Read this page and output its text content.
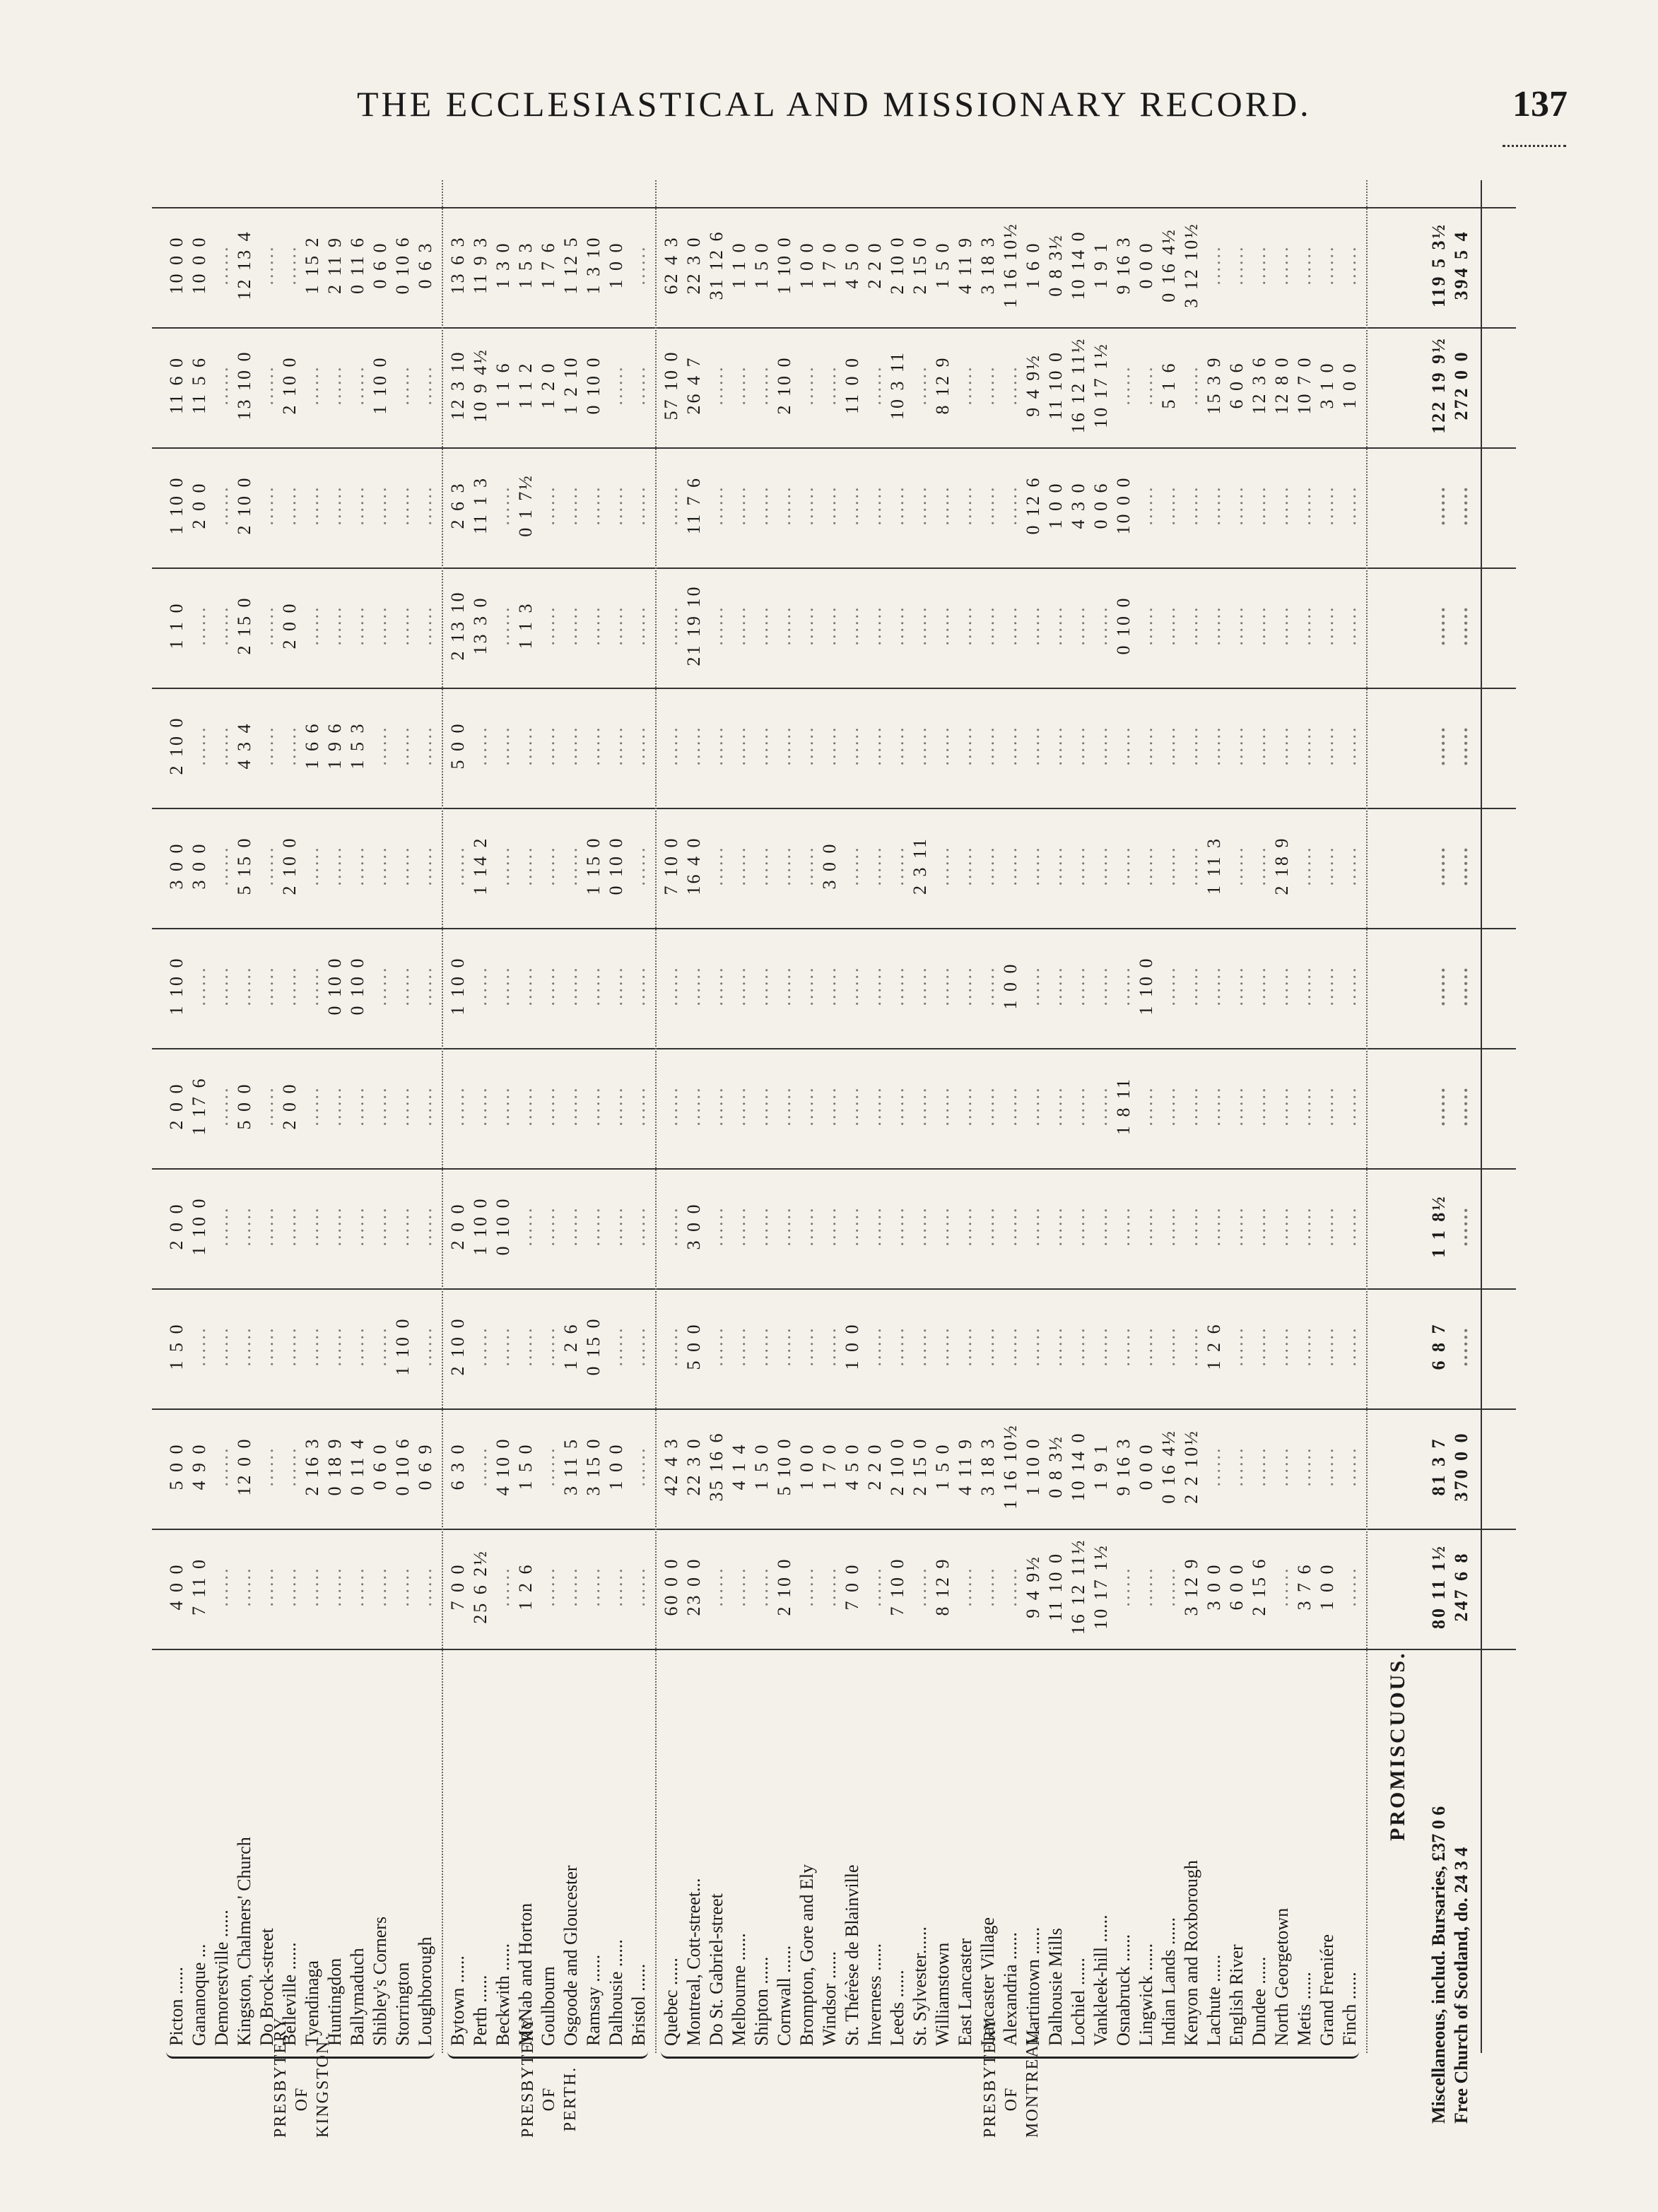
THE ECCLESIASTICAL AND MISSIONARY RECORD.	137
Picton ......
4 0 0
5 0 0
1 5 0
2 0 0
2 0 0
1 10 0
3 0 0
2 10 0
1 1 0
1 10 0
11 6 0
10 0 0
Gananoque ...
7 11 0
4 9 0
......
1 10 0
1 17 6
......
3 0 0
......
......
2 0 0
11 5 6
10 0 0
Demorestville ......
......
......
......
......
......
......
......
......
......
......
......
......
Kingston, Chalmers' Church
......
12 0 0
......
......
5 0 0
......
5 15 0
4 3 4
2 15 0
2 10 0
13 10 0
12 13 4
Do Brock-street
......
......
......
......
......
......
......
......
......
......
......
......
Belleville ......
......
......
......
......
2 0 0
......
2 10 0
......
2 0 0
......
2 10 0
......
Tyendinaga
......
2 16 3
......
......
......
......
......
1 6 6
......
......
......
1 15 2
Huntingdon
......
0 18 9
......
......
......
0 10 0
......
1 9 6
......
......
......
2 11 9
Ballymaduch
......
0 11 4
......
......
......
0 10 0
......
1 5 3
......
......
......
0 11 6
Shibley's Corners
......
0 6 0
......
......
......
......
......
......
......
......
1 10 0
0 6 0
Storrington
......
0 10 6
1 10 0
......
......
......
......
......
......
......
......
0 10 6
Loughborough
......
0 6 9
......
......
......
......
......
......
......
......
......
0 6 3
PRESBYTERY OF KINGSTON.
Bytown ......
7 0 0
6 3 0
2 10 0
2 0 0
......
1 10 0
......
5 0 0
2 13 10
2 6 3
12 3 10
13 6 3
Perth ......
25 6 2½
......
......
1 10 0
......
......
1 14 2
......
13 3 0
11 1 3
10 9 4½
11 9 3
Beckwith ......
......
4 10 0
......
0 10 0
......
......
......
......
......
......
1 1 6
1 3 0
McNab and Horton
1 2 6
1 5 0
......
......
......
......
......
......
1 1 3
0 1 7½
1 1 2
1 5 3
Goulbourn
......
......
......
......
......
......
......
......
......
......
1 2 0
1 7 6
Osgoode and Gloucester
......
3 11 5
1 2 6
......
......
......
......
......
......
......
1 2 10
1 12 5
Ramsay ......
......
3 15 0
0 15 0
......
......
......
1 15 0
......
......
......
0 10 0
1 3 10
Dalhousie ......
......
1 0 0
......
......
......
......
0 10 0
......
......
......
......
1 0 0
Bristol ......
......
......
......
......
......
......
......
......
......
......
......
......
PRESBYTERY OF PERTH.
Quebec ......
60 0 0
42 4 3
......
......
......
......
7 10 0
......
......
......
57 10 0
62 4 3
Montreal, Cott-street...
23 0 0
22 3 0
5 0 0
3 0 0
......
......
16 4 0
......
21 19 10
11 7 6
26 4 7
22 3 0
Do St. Gabriel-street
......
35 16 6
......
......
......
......
......
......
......
......
......
31 12 6
Melbourne ......
......
4 1 4
......
......
......
......
......
......
......
......
......
1 1 0
Shipton ......
......
1 5 0
......
......
......
......
......
......
......
......
......
1 5 0
Cornwall ......
2 10 0
5 10 0
......
......
......
......
......
......
......
......
2 10 0
1 10 0
Brompton, Gore and Ely
......
1 0 0
......
......
......
......
......
......
......
......
......
1 0 0
Windsor ......
......
1 7 0
......
......
......
......
3 0 0
......
......
......
......
1 7 0
St. Thérèse de Blainville
7 0 0
4 5 0
1 0 0
......
......
......
......
......
......
......
11 0 0
4 5 0
Inverness ......
......
2 2 0
......
......
......
......
......
......
......
......
......
2 2 0
Leeds ......
7 10 0
2 10 0
......
......
......
......
......
......
......
......
10 3 11
2 10 0
St. Sylvester......
......
2 15 0
......
......
......
......
2 3 11
......
......
......
......
2 15 0
Williamstown
8 12 9
1 5 0
......
......
......
......
......
......
......
......
8 12 9
1 5 0
East Lancaster
......
4 11 9
......
......
......
......
......
......
......
......
......
4 11 9
Lancaster Village
......
3 18 3
......
......
......
......
......
......
......
......
......
3 18 3
Alexandria ......
......
1 16 10½
......
......
......
1 0 0
......
......
......
......
......
1 16 10½
Martintown ......
9 4 9½
1 10 0
......
......
......
......
......
......
......
0 12 6
9 4 9½
1 6 0
Dalhousie Mills
11 10 0
0 8 3½
......
......
......
......
......
......
......
1 0 0
11 10 0
0 8 3½
Lochiel ......
16 12 11½
10 14 0
......
......
......
......
......
......
......
4 3 0
16 12 11½
10 14 0
Vankleek-hill ......
10 17 1½
1 9 1
......
......
......
......
......
......
......
0 0 6
10 17 1½
1 9 1
Osnabruck ......
......
9 16 3
......
......
1 8 11
......
......
......
0 10 0
10 0 0
......
9 16 3
Lingwick ......
......
0 0 0
......
......
......
1 10 0
......
......
......
......
......
0 0 0
Indian Lands ......
......
0 16 4½
......
......
......
......
......
......
......
......
5 1 6
0 16 4½
Kenyon and Roxborough
3 12 9
2 2 10½
......
......
......
......
......
......
......
......
......
3 12 10½
Lachute ......
3 0 0
......
1 2 6
......
......
......
1 11 3
......
......
......
15 3 9
......
English River
6 0 0
......
......
......
......
......
......
......
......
......
6 0 6
......
Dundee ......
2 15 6
......
......
......
......
......
......
......
......
......
12 3 6
......
North Georgetown
......
......
......
......
......
......
2 18 9
......
......
......
12 8 0
......
Metis ......
3 7 6
......
......
......
......
......
......
......
......
......
10 7 0
......
Grand Freniére
1 0 0
......
......
......
......
......
......
......
......
......
3 1 0
......
Finch ......
......
......
......
......
......
......
......
......
......
......
1 0 0
......
PRESBYTERY OF MONTREAL.
PROMISCUOUS.
Miscellaneous, includ. Bursaries, £37 0 6
80 11 1½
81 3 7
6 8 7
1 1 8½
......
......
......
......
......
......
122 19 9½
119 5 3½
Free Church of Scotland, do. 24 3 4
247 6 8
370 0 0
......
......
......
......
......
......
......
......
272 0 0
394 5 4
